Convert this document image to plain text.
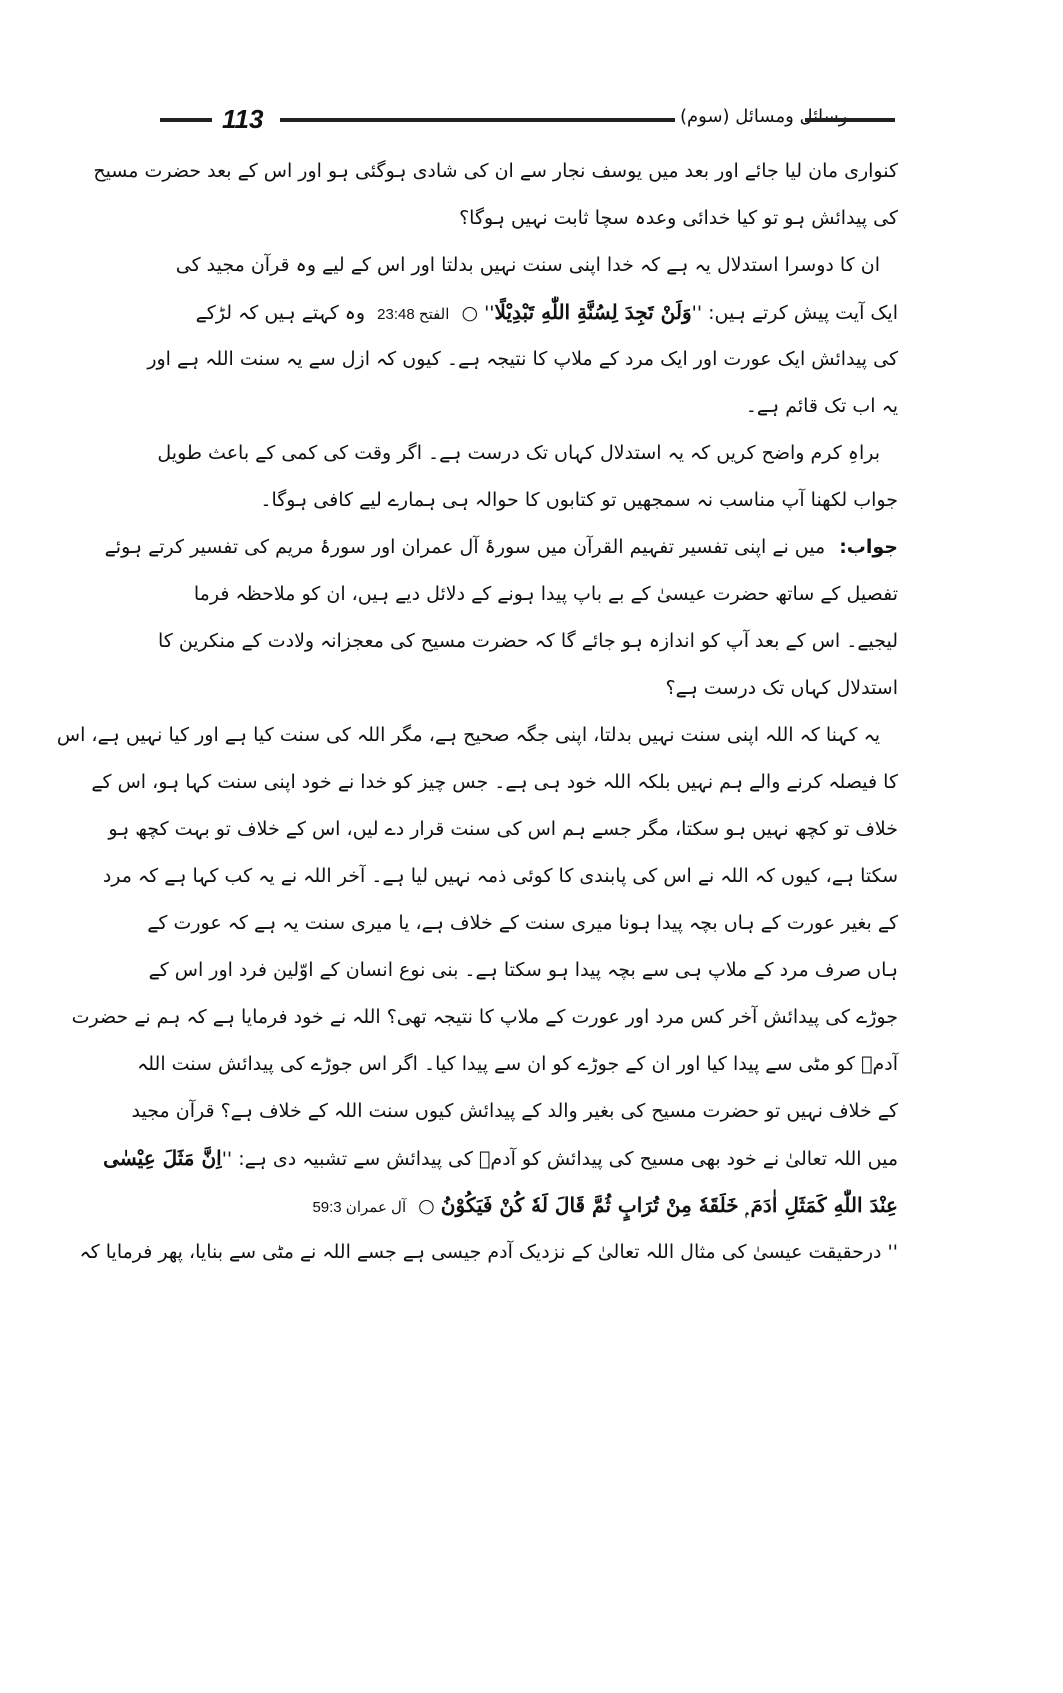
113	رسائل ومسائل (سوم)
کنواری مان لیا جائے اور بعد میں یوسف نجار سے ان کی شادی ہوگئی ہو اور اس کے بعد حضرت مسیح
کی پیدائش ہو تو کیا خدائی وعدہ سچا ثابت نہیں ہوگا؟
ان کا دوسرا استدلال یہ ہے کہ خدا اپنی سنت نہیں بدلتا اور اس کے لیے وہ قرآن مجید کی
ایک آیت پیش کرتے ہیں: ''وَلَنْ تَجِدَ لِسُنَّةِ اللّٰهِ تَبْدِيْلًا'' ○ الفتح 23:48 وہ کہتے ہیں کہ لڑکے
کی پیدائش ایک عورت اور ایک مرد کے ملاپ کا نتیجہ ہے۔ کیوں کہ ازل سے یہ سنت اللہ ہے اور
یہ اب تک قائم ہے۔
براہِ کرم واضح کریں کہ یہ استدلال کہاں تک درست ہے۔ اگر وقت کی کمی کے باعث طویل
جواب لکھنا آپ مناسب نہ سمجھیں تو کتابوں کا حوالہ ہی ہمارے لیے کافی ہوگا۔
جواب:میں نے اپنی تفسیر تفہیم القرآن میں سورۂ آل عمران اور سورۂ مریم کی تفسیر کرتے ہوئے
تفصیل کے ساتھ حضرت عیسیٰ کے بے باپ پیدا ہونے کے دلائل دیے ہیں، ان کو ملاحظہ فرما
لیجیے۔ اس کے بعد آپ کو اندازہ ہو جائے گا کہ حضرت مسیح کی معجزانہ ولادت کے منکرین کا
استدلال کہاں تک درست ہے؟
یہ کہنا کہ اللہ اپنی سنت نہیں بدلتا، اپنی جگہ صحیح ہے، مگر اللہ کی سنت کیا ہے اور کیا نہیں ہے، اس
کا فیصلہ کرنے والے ہم نہیں بلکہ اللہ خود ہی ہے۔ جس چیز کو خدا نے خود اپنی سنت کہا ہو، اس کے
خلاف تو کچھ نہیں ہو سکتا، مگر جسے ہم اس کی سنت قرار دے لیں، اس کے خلاف تو بہت کچھ ہو
سکتا ہے، کیوں کہ اللہ نے اس کی پابندی کا کوئی ذمہ نہیں لیا ہے۔ آخر اللہ نے یہ کب کہا ہے کہ مرد
کے بغیر عورت کے ہاں بچہ پیدا ہونا میری سنت کے خلاف ہے، یا میری سنت یہ ہے کہ عورت کے
ہاں صرف مرد کے ملاپ ہی سے بچہ پیدا ہو سکتا ہے۔ بنی نوع انسان کے اوّلین فرد اور اس کے
جوڑے کی پیدائش آخر کس مرد اور عورت کے ملاپ کا نتیجہ تھی؟ اللہ نے خود فرمایا ہے کہ ہم نے حضرت
آدمؑ کو مٹی سے پیدا کیا اور ان کے جوڑے کو ان سے پیدا کیا۔ اگر اس جوڑے کی پیدائش سنت اللہ
کے خلاف نہیں تو حضرت مسیح کی بغیر والد کے پیدائش کیوں سنت اللہ کے خلاف ہے؟ قرآن مجید
میں اللہ تعالیٰ نے خود بھی مسیح کی پیدائش کو آدمؑ کی پیدائش سے تشبیہ دی ہے: ''اِنَّ مَثَلَ عِيْسٰى
عِنْدَ اللّٰهِ كَمَثَلِ اٰدَمَ ۭ خَلَقَهٗ مِنْ تُرَابٍ ثُمَّ قَالَ لَهٗ كُنْ فَيَكُوْنُ ○ آل عمران 59:3
'' درحقیقت عیسیٰ کی مثال اللہ تعالیٰ کے نزدیک آدم جیسی ہے جسے اللہ نے مٹی سے بنایا، پھر فرمایا کہ
